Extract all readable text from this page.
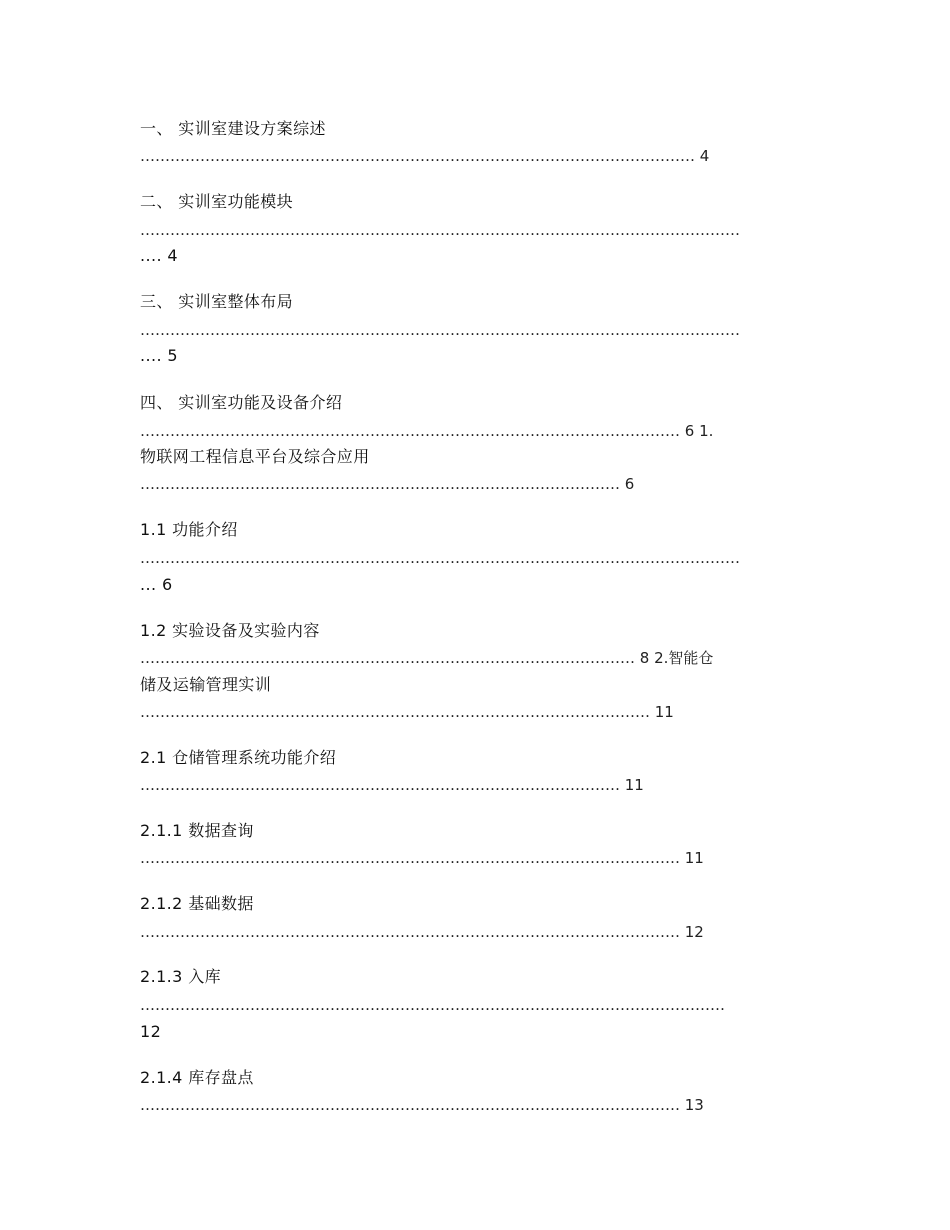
一、 实训室建设方案综述
………………………………………………………………………………………………… 4
二、 实训室功能模块
…………………………………………………………………………………………………………
.... 4
三、 实训室整体布局
…………………………………………………………………………………………………………
.... 5
四、 实训室功能及设备介绍
……………………………………………………………………………………………… 6 1.
物联网工程信息平台及综合应用
…………………………………………………………………………………… 6
1.1 功能介绍
…………………………………………………………………………………………………………
... 6
1.2 实验设备及实验内容
……………………………………………………………………………………… 8 2.智能仓
储及运输管理实训
………………………………………………………………………………………… 11
2.1 仓储管理系统功能介绍
…………………………………………………………………………………… 11
2.1.1 数据查询
……………………………………………………………………………………………… 11
2.1.2 基础数据
……………………………………………………………………………………………… 12
2.1.3 入库
………………………………………………………………………………………………………
12
2.1.4 库存盘点
……………………………………………………………………………………………… 13
